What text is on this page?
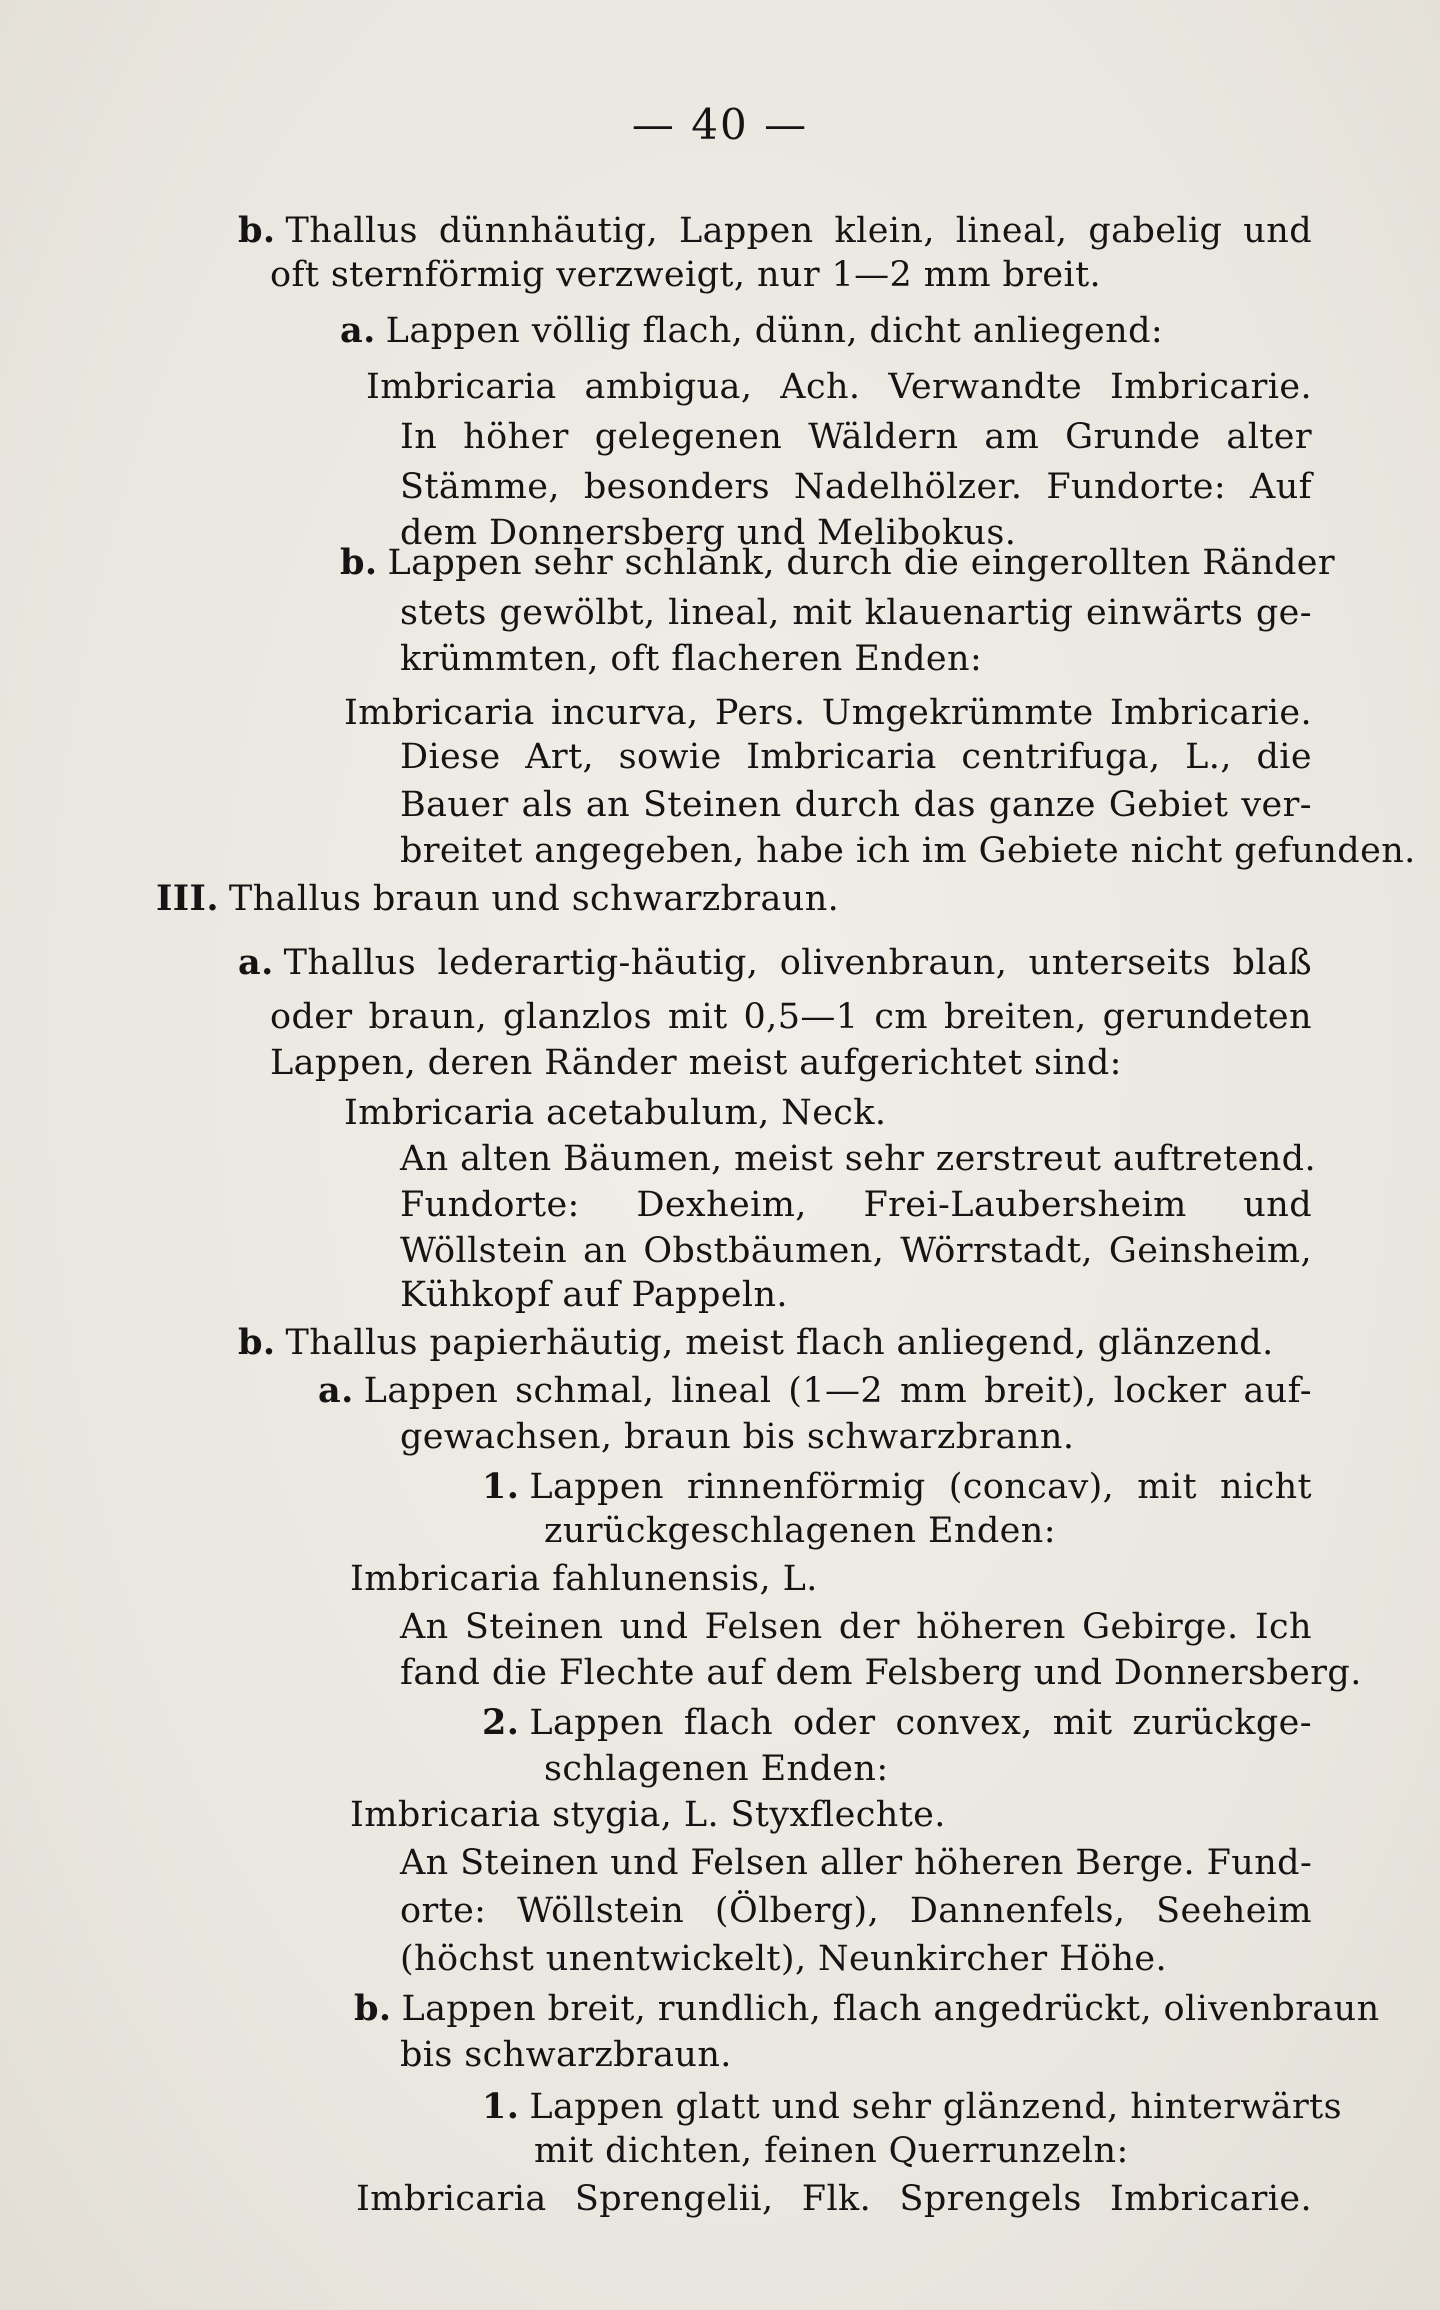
— 40 —
b. Thallus dünnhäutig, Lappen klein, lineal, gabelig und
oft sternförmig verzweigt, nur 1—2 mm breit.
a. Lappen völlig flach, dünn, dicht anliegend:
Imbricaria ambigua, Ach. Verwandte Imbricarie.
In höher gelegenen Wäldern am Grunde alter
Stämme, besonders Nadelhölzer. Fundorte: Auf
dem Donnersberg und Melibokus.
b. Lappen sehr schlank, durch die eingerollten Ränder
stets gewölbt, lineal, mit klauenartig einwärts ge-
krümmten, oft flacheren Enden:
Imbricaria incurva, Pers. Umgekrümmte Imbricarie.
Diese Art, sowie Imbricaria centrifuga, L., die
Bauer als an Steinen durch das ganze Gebiet ver-
breitet angegeben, habe ich im Gebiete nicht gefunden.
III. Thallus braun und schwarzbraun.
a. Thallus lederartig-häutig, olivenbraun, unterseits blaß
oder braun, glanzlos mit 0,5—1 cm breiten, gerundeten
Lappen, deren Ränder meist aufgerichtet sind:
Imbricaria acetabulum, Neck.
An alten Bäumen, meist sehr zerstreut auftretend.
Fundorte: Dexheim, Frei-Laubersheim und
Wöllstein an Obstbäumen, Wörrstadt, Geinsheim,
Kühkopf auf Pappeln.
b. Thallus papierhäutig, meist flach anliegend, glänzend.
a. Lappen schmal, lineal (1—2 mm breit), locker auf-
gewachsen, braun bis schwarzbrann.
1. Lappen rinnenförmig (concav), mit nicht
zurückgeschlagenen Enden:
Imbricaria fahlunensis, L.
An Steinen und Felsen der höheren Gebirge. Ich
fand die Flechte auf dem Felsberg und Donnersberg.
2. Lappen flach oder convex, mit zurückge-
schlagenen Enden:
Imbricaria stygia, L. Styxflechte.
An Steinen und Felsen aller höheren Berge. Fund-
orte: Wöllstein (Ölberg), Dannenfels, Seeheim
(höchst unentwickelt), Neunkircher Höhe.
b. Lappen breit, rundlich, flach angedrückt, olivenbraun
bis schwarzbraun.
1. Lappen glatt und sehr glänzend, hinterwärts
mit dichten, feinen Querrunzeln:
Imbricaria Sprengelii, Flk. Sprengels Imbricarie.
